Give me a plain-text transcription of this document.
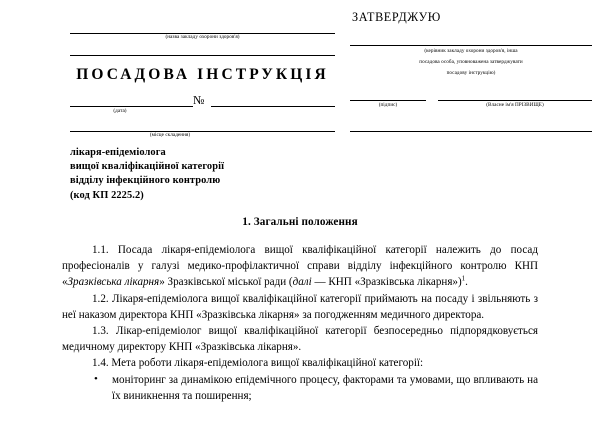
(назва закладу охорони здоров'я)
ПОСАДОВА ІНСТРУКЦІЯ
№
(дата)
(місце складення)
лікаря-епідеміолога
вищої кваліфікаційної категорії
відділу інфекційного контролю
(код КП 2225.2)
ЗАТВЕРДЖУЮ
(керівник закладу охорони здоров'я, інша
посадова особа, уповноважена затверджувати
посадову інструкцію)
(підпис)	(Власне ім'я ПРІЗВИЩЕ)
1. Загальні положення

1.1. Посада лікаря-епідеміолога вищої кваліфікаційної категорії належить до посад професіоналів у галузі медико-профілактичної справи відділу інфекційного контролю КНП «Зразківська лікарня» Зразківської міської ради (далі — КНП «Зразківська лікарня»)$^1$.

1.2. Лікаря-епідеміолога вищої кваліфікаційної категорії приймають на посаду і звільняють з неї наказом директора КНП «Зразківська лікарня» за погодженням медичного директора.

1.3. Лікар-епідеміолог вищої кваліфікаційної категорії безпосередньо підпорядковується медичному директору КНП «Зразківська лікарня».

1.4. Мета роботи лікаря-епідеміолога вищої кваліфікаційної категорії:

• моніторинг за динамікою епідемічного процесу, факторами та умовами, що впливають на їх виникнення та поширення;
